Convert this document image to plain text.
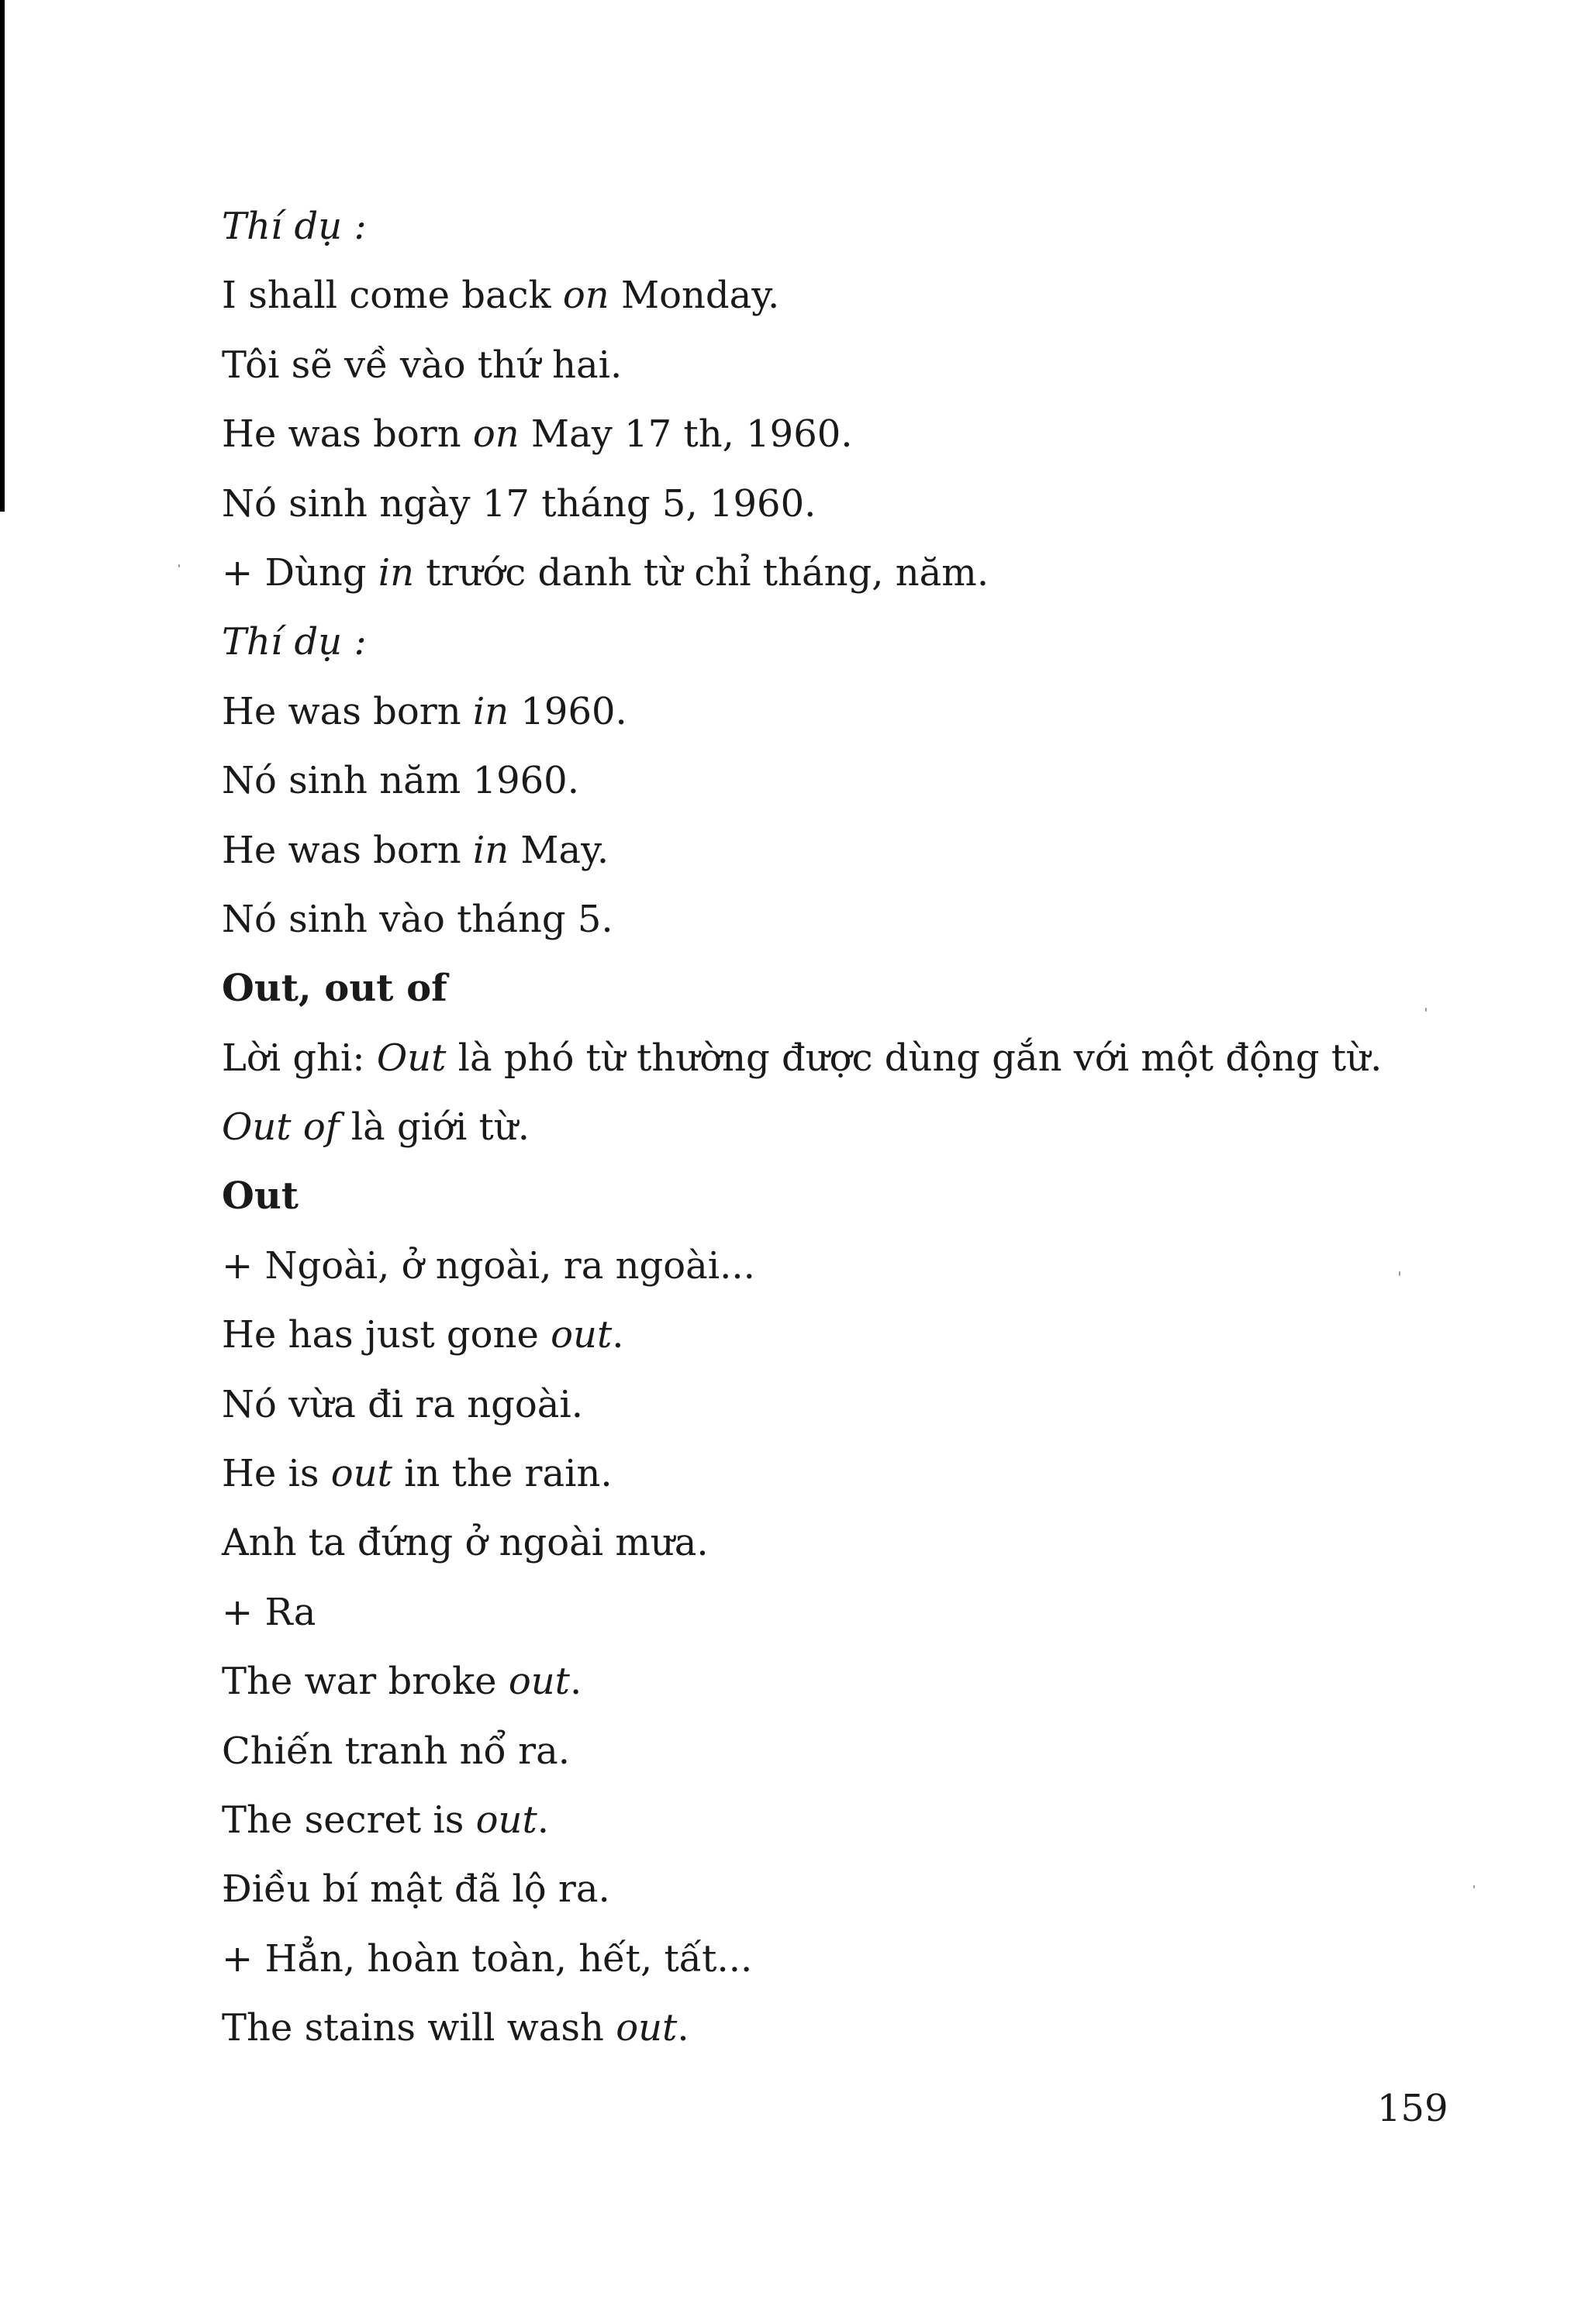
Thí dụ :
I shall come back on Monday.
Tôi sẽ về vào thứ hai.
He was born on May 17 th, 1960.
Nó sinh ngày 17 tháng 5, 1960.
+ Dùng in trước danh từ chỉ tháng, năm.
Thí dụ :
He was born in 1960.
Nó sinh năm 1960.
He was born in May.
Nó sinh vào tháng 5.
Out, out of
Lời ghi: Out là phó từ thường được dùng gắn với một động từ.
Out of là giới từ.
Out
+ Ngoài, ở ngoài, ra ngoài...
He has just gone out.
Nó vừa đi ra ngoài.
He is out in the rain.
Anh ta đứng ở ngoài mưa.
+ Ra
The war broke out.
Chiến tranh nổ ra.
The secret is out.
Điều bí mật đã lộ ra.
+ Hẳn, hoàn toàn, hết, tất...
The stains will wash out.
159
